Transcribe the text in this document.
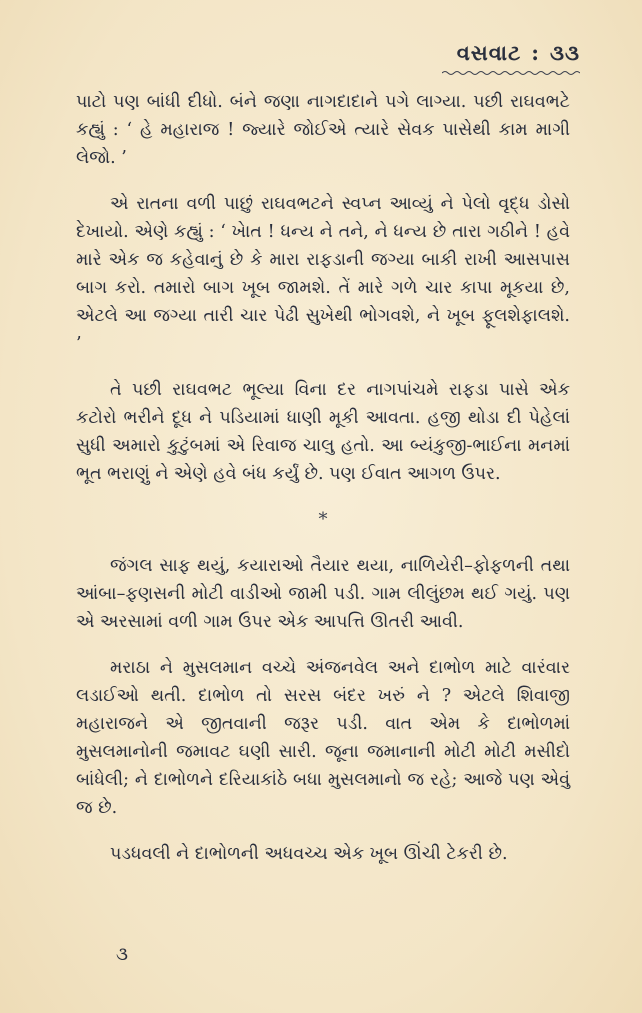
વસવાટ : ૩૩

પાટો પણ બાંધી દીધો. બંને જણા નાગદાદાને પગે લાગ્યા. પછી રાઘવભટે કહ્યું : ‘ હે મહારાજ ! જ્યારે જોઈએ ત્યારે સેવક પાસેથી કામ માગી લેજો. ’

એ રાતના વળી પાછું રાઘવભટને સ્વપ્ન આવ્યું ને પેલો વૃદ્ધ ડોસો દેખાયો. એણે કહ્યું : ‘ ખાેત ! ધન્ય ને તને, ને ધન્ય છે તારા ગઠીને ! હવે મારે એક જ કહેવાનું છે કે મારા રાફડાની જગ્યા બાકી રાખી આસપાસ બાગ કરો. તમારો બાગ ખૂબ જામશે. તેં મારે ગળે ચાર કાપા મૂકયા છે, એટલે આ જગ્યા તારી ચાર પેઢી સુખેથી ભોગવશે, ને ખૂબ ફૂલશેફાલશે. ’

તે પછી રાઘવભટ ભૂલ્યા વિના દર નાગપાંચમે રાફડા પાસે એક કટોરો ભરીને દૂધ ને પડિયામાં ધાણી મૂકી આવતા. હજી થોડા દી પેહેલાં સુધી અમારો કુટુંબમાં એ રિવાજ ચાલુ હતો. આ બ્યંકુજી-ભાઈના મનમાં ભૂત ભરાણું ને એણે હવે બંધ કર્યું છે. પણ ઈવાત આગળ ઉપર.

*

જંગલ સાફ થયું, કયારાઓ તૈયાર થયા, નાળિયેરી–ફોફળની તથા આંબા–ફણસની મોટી વાડીઓ જામી પડી. ગામ લીલુંછમ થઈ ગયું. પણ એ અરસામાં વળી ગામ ઉપર એક આપત્તિ ઊતરી આવી.

મરાઠા ને મુસલમાન વચ્ચે અંજનવેલ અને દાભોળ માટે વારંવાર લડાઈઓ થતી. દાભોળ તો સરસ બંદર ખરું ને ? એટલે શિવાજી મહારાજને એ જીતવાની જરૂર પડી. વાત એમ કે દાભોળમાં મુસલમાનોની જમાવટ ઘણી સારી. જૂના જમાનાની મોટી મોટી મસીદો બાંધેલી; ને દાભોળને દરિયાકાંઠે બધા મુસલમાનો જ રહે; આજે પણ એવું જ છે.

પડધવલી ને દાભોળની અધવચ્ચ એક ખૂબ ઊંચી ટેકરી છે.

૩
